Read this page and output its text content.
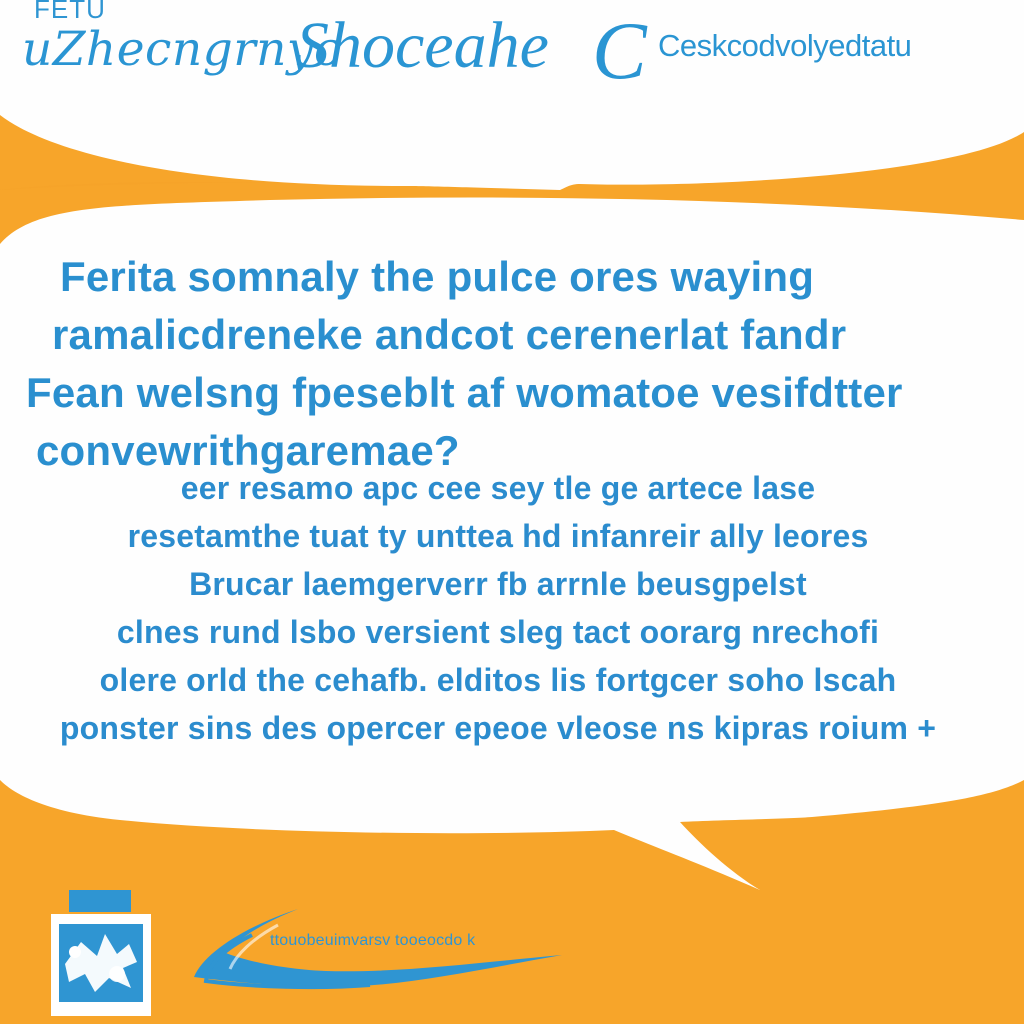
FETU
uZhecngrnyc
Shoceahe C Ceskcodvolyedtatu
Ferita somnaly the pulce ores waying
ramalicdreneke andcot cerenerlat fandr
Fean welsng fpeseblt af womatoe vesifdtter
convewrithgaremae?
eer resamo apc cee sey tle ge artece lase
resetamthe tuat ty unttea hd infanreir ally leores
Brucar laemgerverr fb arrnle beusgpelst
clnes rund lsbo versient sleg tact oorarg nrechofi
olere orld the cehafb. elditos lis fortgcer soho lscah
ponster sins des opercer epeoe vleose ns kipras roium +
ttouobeuimvarsv tooeocdo k
